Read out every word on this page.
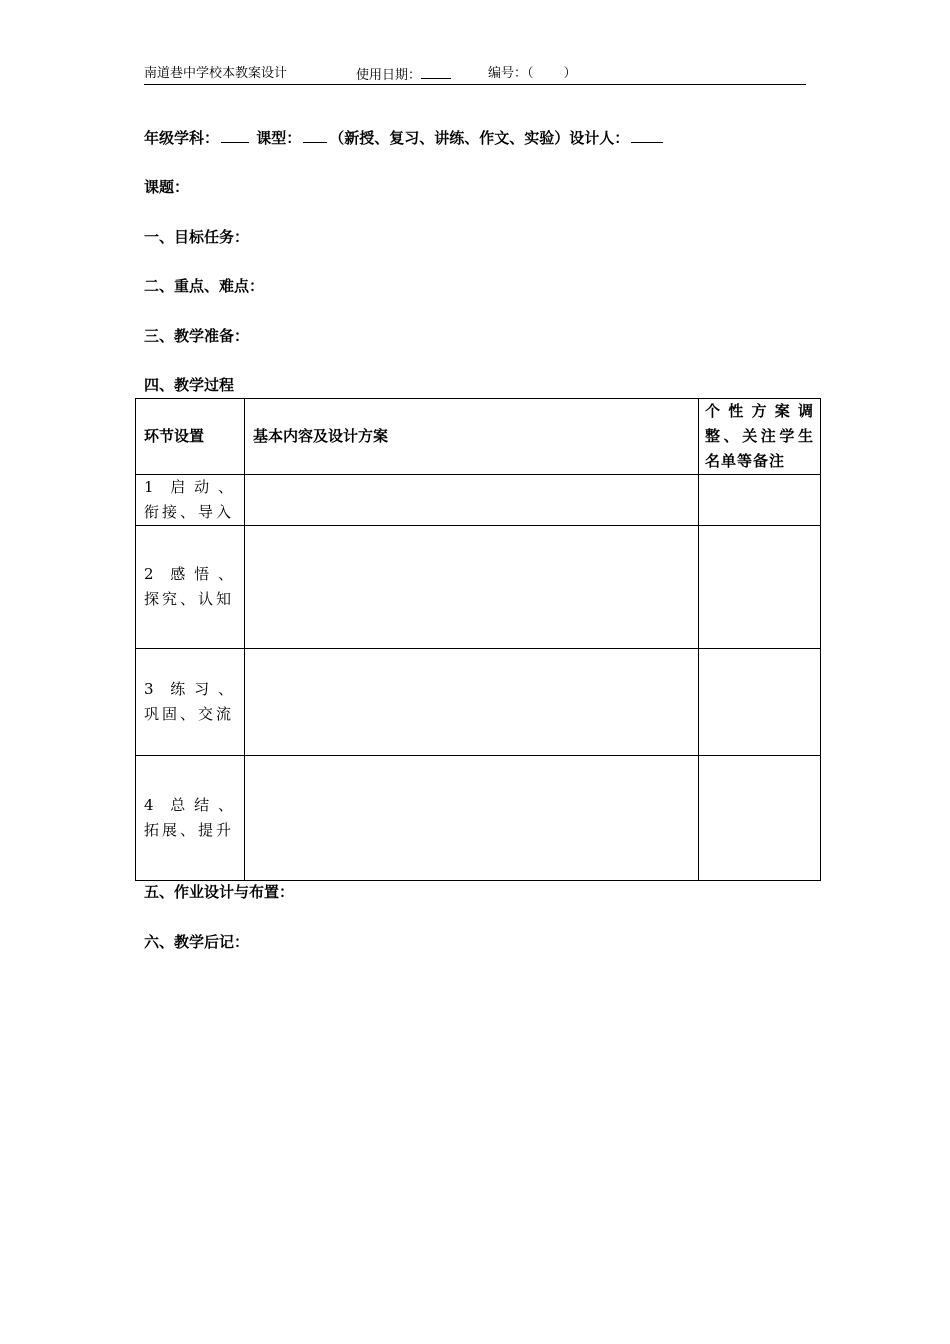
南道巷中学校本教案设计	使用日期：	编号：（ ）
年级学科： 课型： （新授、复习、讲练、作文、实验）设计人：
课题：
一、目标任务：
二、重点、难点：
三、教学准备：
四、教学过程
环节设置	基本内容及设计方案	个性方案调整、关注学生名单等备注
1 启动、衔接、导入		
2 感悟、探究、认知		
3 练习、巩固、交流		
4 总结、拓展、提升		
五、作业设计与布置：
六、教学后记：
